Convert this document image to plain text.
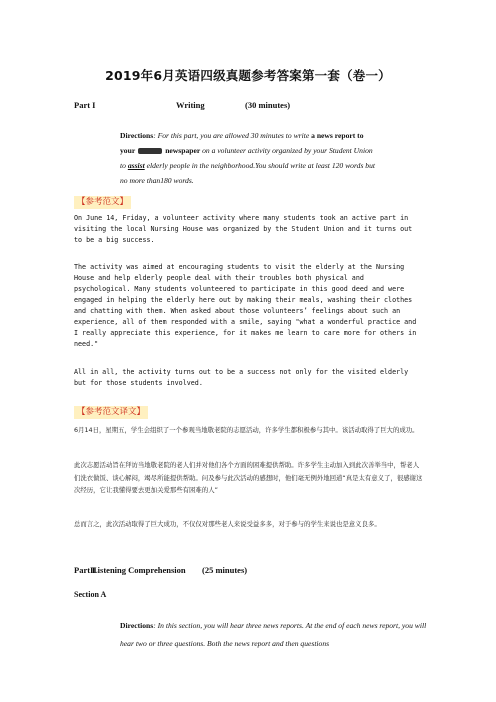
2019年6月英语四级真题参考答案第一套（卷一）
Part I	Writing	(30 minutes)
Directions: For this part, you are allowed 30 minutes to write a news report to
your	newspaper on a volunteer activity organized by your Student Union
to assist elderly people in the neighborhood.You should write at least 120 words but
no more than180 words.
【参考范文】
On June 14, Friday, a volunteer activity where many students took an active part in visiting the local Nursing House was organized by the Student Union and it turns out to be a big success.
The activity was aimed at encouraging students to visit the elderly at the Nursing House and help elderly people deal with their troubles both physical and psychological. Many students volunteered to participate in this good deed and were engaged in helping the elderly here out by making their meals, washing their clothes and chatting with them. When asked about those volunteers’ feelings about such an experience, all of them responded with a smile, saying "what a wonderful practice and I really appreciate this experience, for it makes me learn to care more for others in need."
All in all, the activity turns out to be a success not only for the visited elderly but for those students involved.
【参考范文译文】
6月14日，星期五，学生会组织了一个参观当地敬老院的志愿活动，许多学生都积极参与其中。该活动取得了巨大的成功。
此次志愿活动旨在拜访当地敬老院的老人们并对他们各个方面的困难提供帮助。许多学生主动加入到此次善举当中，帮老人们洗衣做饭、谈心解闷，竭尽所能提供帮助。问及参与此次活动的感想时，他们毫无例外地回道“真是太有意义了，很感谢这次经历，它让我懂得要去更加关爱那些有困难的人”
总而言之，此次活动取得了巨大成功，不仅仅对那些老人来说受益多多，对于参与的学生来说也是意义良多。
PartII
Listening Comprehension (25 minutes)
Section A
Directions: In this section, you will hear three news reports. At the end of each news report, you will hear two or three questions. Both the news report and then questions
